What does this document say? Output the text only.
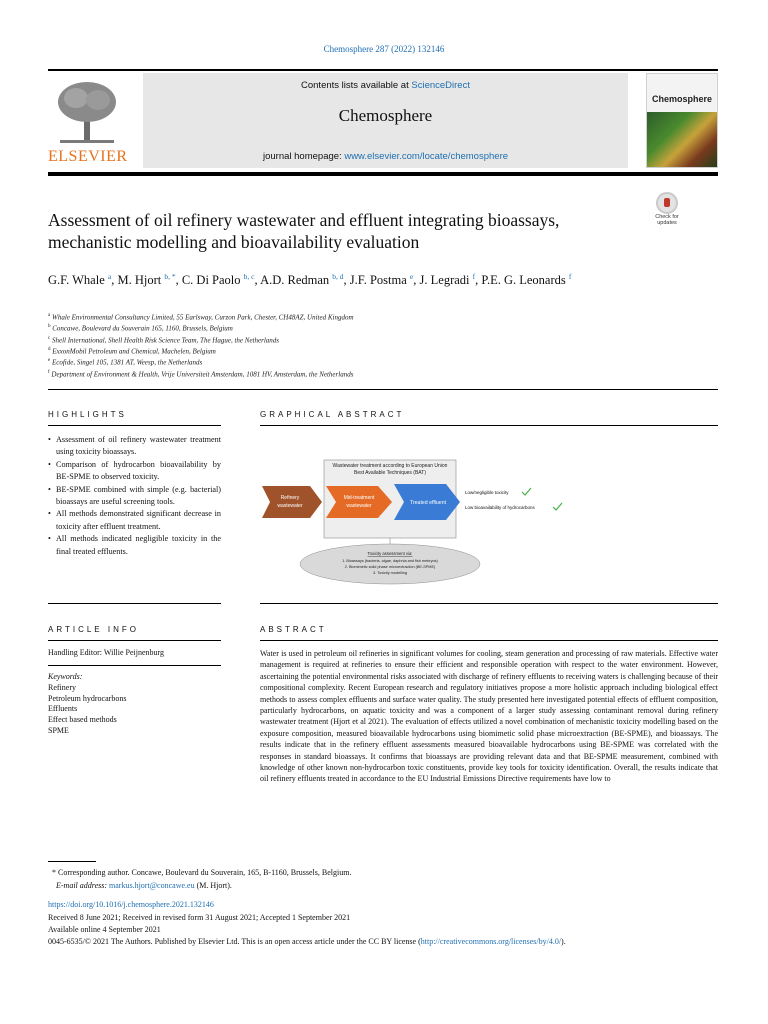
Chemosphere 287 (2022) 132146
ELSEVIER
Contents lists available at ScienceDirect
Chemosphere
journal homepage: www.elsevier.com/locate/chemosphere
Chemosphere
Check for
updates
Assessment of oil refinery wastewater and effluent integrating bioassays,
mechanistic modelling and bioavailability evaluation
G.F. Whale $^a$, M. Hjort $^{b, *}$, C. Di Paolo $^{b, c}$, A.D. Redman $^{b, d}$, J.F. Postma $^e$, J. Legradi $^f$, P.E. G. Leonards $^f$
$^a$ Whale Environmental Consultancy Limited, 55 Earlsway, Curzon Park, Chester, CH48AZ, United Kingdom
$^b$ Concawe, Boulevard du Souverain 165, 1160, Brussels, Belgium
$^c$ Shell International, Shell Health Risk Science Team, The Hague, the Netherlands
$^d$ ExxonMobil Petroleum and Chemical, Machelen, Belgium
$^e$ Ecofide, Singel 105, 1381 AT, Weesp, the Netherlands
$^f$ Department of Environment & Health, Vrije Universiteit Amsterdam, 1081 HV, Amsterdam, the Netherlands
HIGHLIGHTS
• Assessment of oil refinery wastewater treatment using toxicity bioassays.
• Comparison of hydrocarbon bioavailability by BE-SPME to observed toxicity.
• BE-SPME combined with simple (e.g. bacterial) bioassays are useful screening tools.
• All methods demonstrated significant decrease in toxicity after effluent treatment.
• All methods indicated negligible toxicity in the final treated effluents.
GRAPHICAL ABSTRACT
Wastewater treatment according to European Union
Best Available Techniques (BAT)
Refinery
wastewater
Mid-treatment
wastewater	Treated effluent
Low/negligible toxicity
Low bioavailability of hydrocarbons
Toxicity assessment via:
1. Bioassays (bacteria, algae, daphnia and fish embryos)
2. Biomimetic solid phase microextraction (BE-SPME)
3. Toxicity modelling
ARTICLE INFO
Handling Editor: Willie Peijnenburg
Keywords:
Refinery
Petroleum hydrocarbons
Effluents
Effect based methods
SPME
ABSTRACT
Water is used in petroleum oil refineries in significant volumes for cooling, steam generation and processing of raw materials. Effective water management is required at refineries to ensure their efficient and responsible operation with respect to the water environment. However, ascertaining the potential environmental risks associated with discharge of refinery effluents to receiving waters is challenging because of their compositional complexity. Recent European research and regulatory initiatives propose a more holistic approach including biological effect methods to assess complex effluents and surface water quality. The study presented here investigated potential effects of effluent composition, particularly hydrocarbons, on aquatic toxicity and was a component of a larger study assessing contaminant removal during refinery wastewater treatment (Hjort et al 2021). The evaluation of effects utilized a novel combination of mechanistic toxicity modelling based on the exposure composition, measured bioavailable hydrocarbons using biomimetic solid phase microextraction (BE-SPME), and bioassays. The results indicate that in the refinery effluent assessments measured bioavailable hydrocarbons using BE-SPME was correlated with the responses in standard bioassays. It confirms that bioassays are providing relevant data and that BE-SPME measurement, combined with knowledge of other known non-hydrocarbon toxic constituents, provide key tools for toxicity identification. Overall, the results indicate that oil refinery effluents treated in accordance to the EU Industrial Emissions Directive requirements have low to
* Corresponding author. Concawe, Boulevard du Souverain, 165, B-1160, Brussels, Belgium.
E-mail address: markus.hjort@concawe.eu (M. Hjort).
https://doi.org/10.1016/j.chemosphere.2021.132146
Received 8 June 2021; Received in revised form 31 August 2021; Accepted 1 September 2021
Available online 4 September 2021
0045-6535/© 2021 The Authors. Published by Elsevier Ltd. This is an open access article under the CC BY license (http://creativecommons.org/licenses/by/4.0/).
